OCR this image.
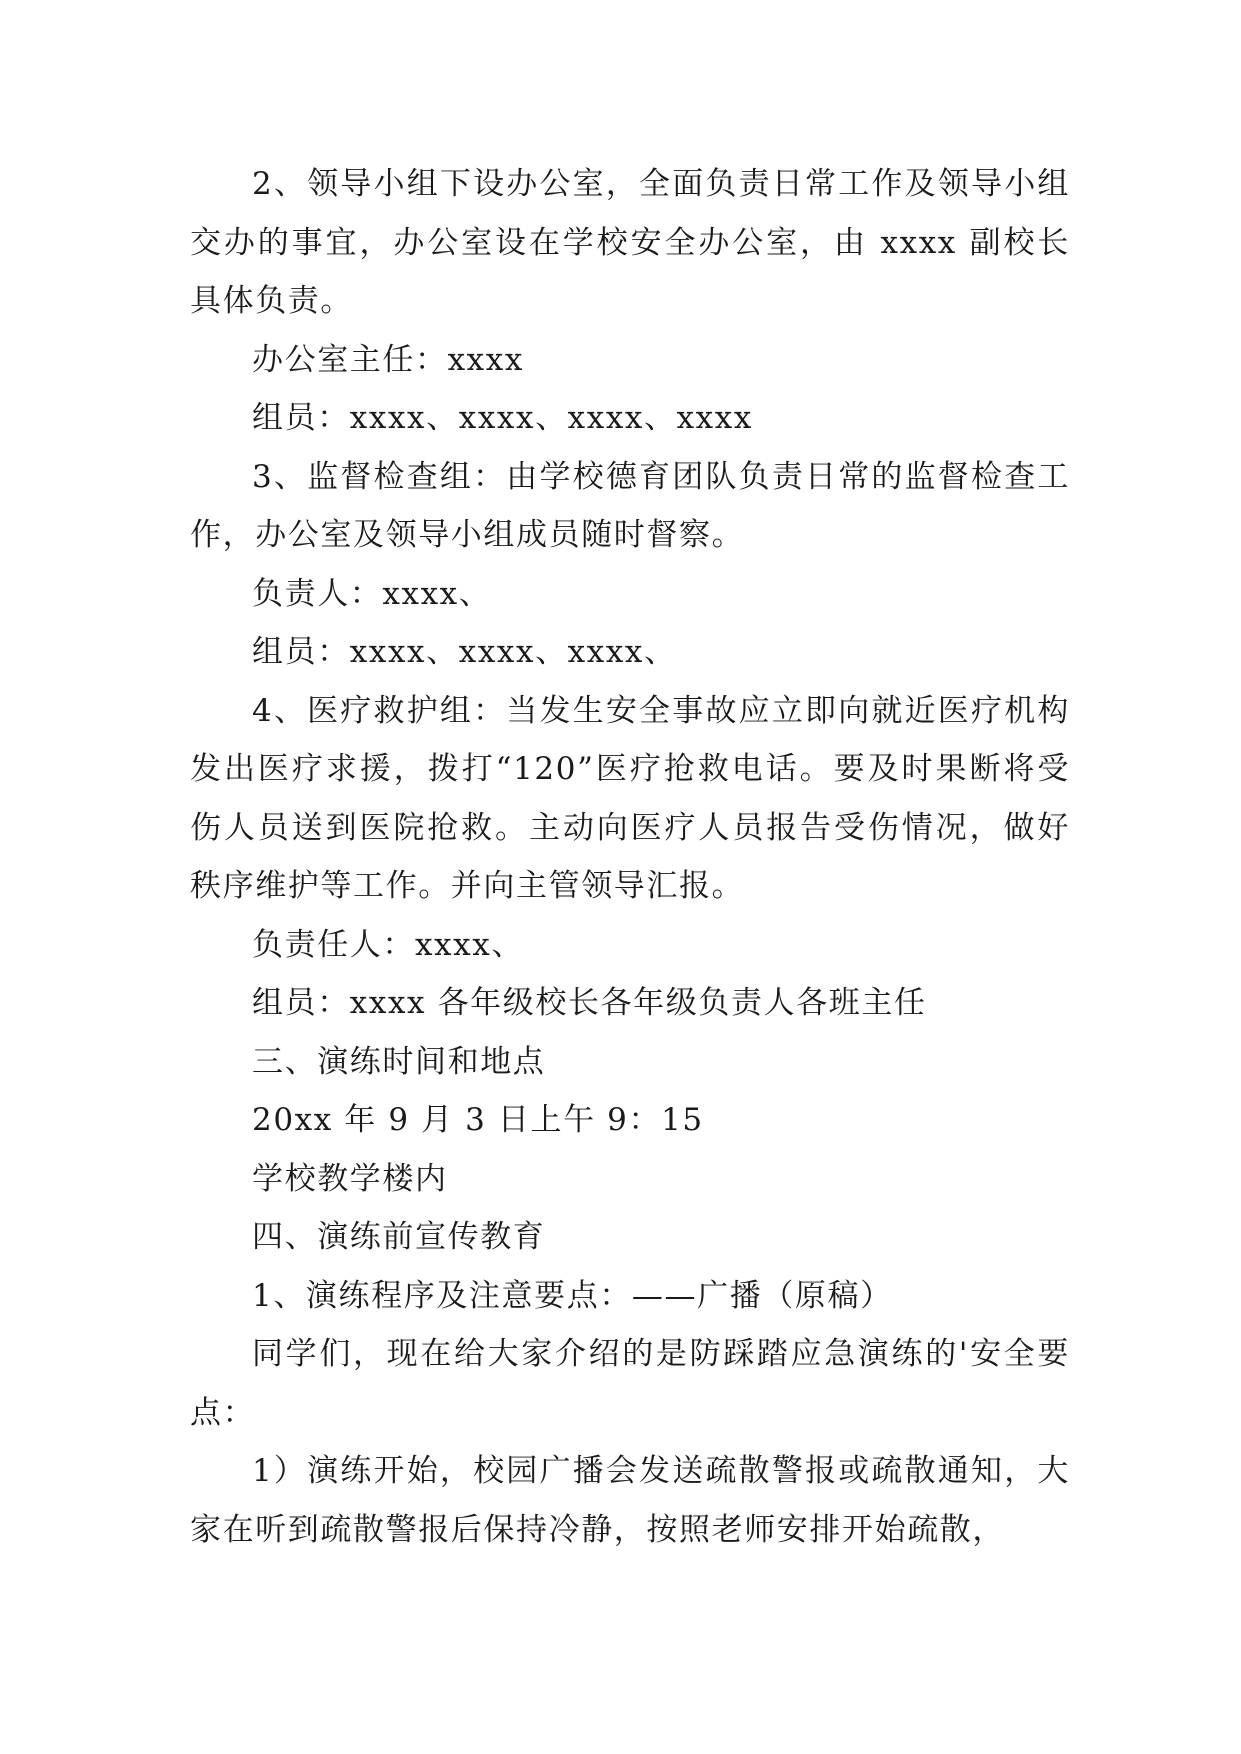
2、领导小组下设办公室，全面负责日常工作及领导小组交办的事宜，办公室设在学校安全办公室，由 xxxx 副校长具体负责。

办公室主任：xxxx

组员：xxxx、xxxx、xxxx、xxxx

3、监督检查组：由学校德育团队负责日常的监督检查工作，办公室及领导小组成员随时督察。

负责人：xxxx、

组员：xxxx、xxxx、xxxx、

4、医疗救护组：当发生安全事故应立即向就近医疗机构发出医疗求援，拨打“120”医疗抢救电话。要及时果断将受伤人员送到医院抢救。主动向医疗人员报告受伤情况，做好秩序维护等工作。并向主管领导汇报。

负责任人：xxxx、

组员：xxxx 各年级校长各年级负责人各班主任

三、演练时间和地点

20xx 年 9 月 3 日上午 9：15

学校教学楼内

四、演练前宣传教育

1、演练程序及注意要点：——广播（原稿）

同学们，现在给大家介绍的是防踩踏应急演练的'安全要点：

1）演练开始，校园广播会发送疏散警报或疏散通知，大家在听到疏散警报后保持冷静，按照老师安排开始疏散，
